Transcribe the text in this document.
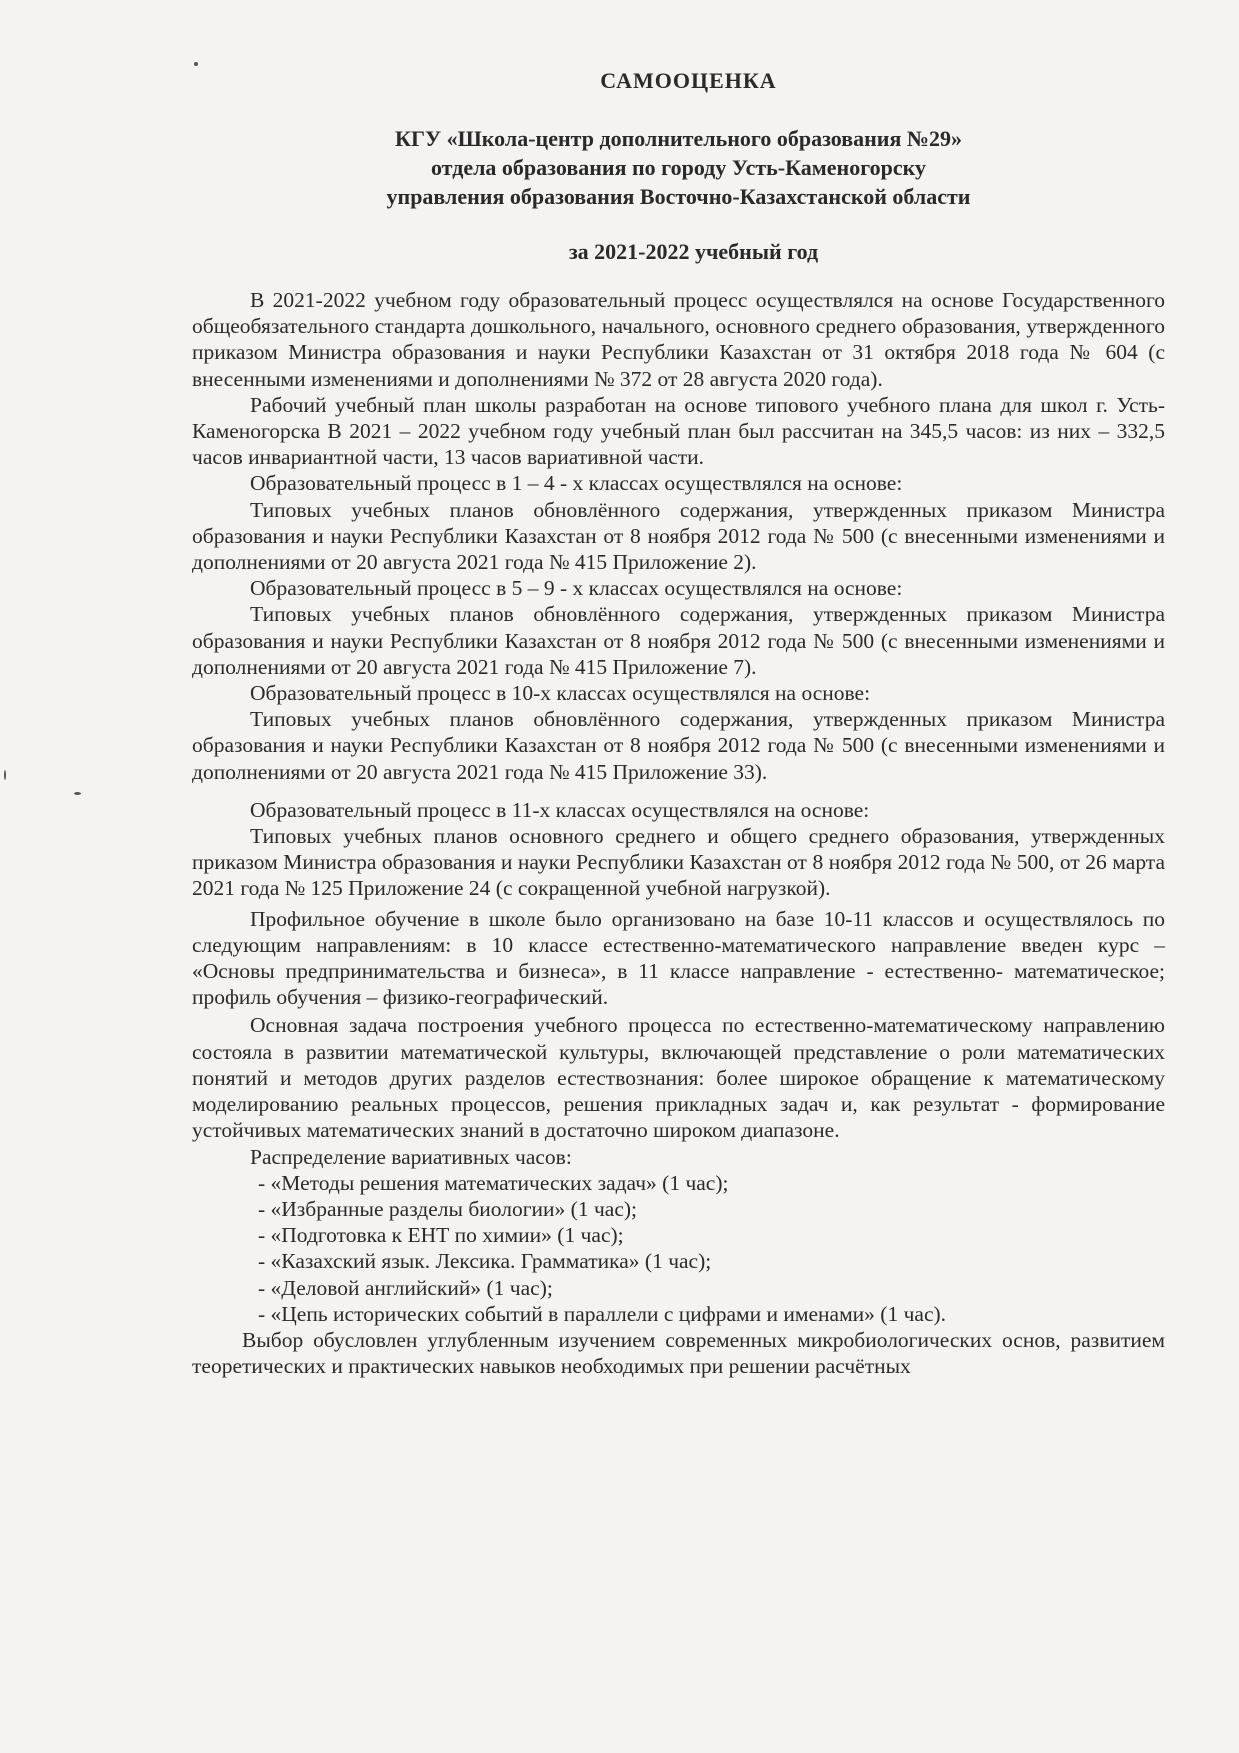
САМООЦЕНКА
КГУ «Школа-центр дополнительного образования №29»
отдела образования по городу Усть-Каменогорску
управления образования Восточно-Казахстанской области
за 2021-2022 учебный год

В 2021-2022 учебном году образовательный процесс осуществлялся на основе Государственного общеобязательного стандарта дошкольного, начального, основного среднего образования, утвержденного приказом Министра образования и науки Республики Казахстан от 31 октября 2018 года № 604 (с внесенными изменениями и дополнениями № 372 от 28 августа 2020 года).

Рабочий учебный план школы разработан на основе типового учебного плана для школ г. Усть-Каменогорска В 2021 – 2022 учебном году учебный план был рассчитан на 345,5 часов: из них – 332,5 часов инвариантной части, 13 часов вариативной части.

Образовательный процесс в 1 – 4 - х классах осуществлялся на основе:

Типовых учебных планов обновлённого содержания, утвержденных приказом Министра образования и науки Республики Казахстан от 8 ноября 2012 года № 500 (с внесенными изменениями и дополнениями от 20 августа 2021 года № 415 Приложение 2).

Образовательный процесс в 5 – 9 - х классах осуществлялся на основе:

Типовых учебных планов обновлённого содержания, утвержденных приказом Министра образования и науки Республики Казахстан от 8 ноября 2012 года № 500 (с внесенными изменениями и дополнениями от 20 августа 2021 года № 415 Приложение 7).

Образовательный процесс в 10-х классах осуществлялся на основе:

Типовых учебных планов обновлённого содержания, утвержденных приказом Министра образования и науки Республики Казахстан от 8 ноября 2012 года № 500 (с внесенными изменениями и дополнениями от 20 августа 2021 года № 415 Приложение 33).

Образовательный процесс в 11-х классах осуществлялся на основе:

Типовых учебных планов основного среднего и общего среднего образования, утвержденных приказом Министра образования и науки Республики Казахстан от 8 ноября 2012 года № 500, от 26 марта 2021 года № 125 Приложение 24 (с сокращенной учебной нагрузкой).

Профильное обучение в школе было организовано на базе 10-11 классов и осуществлялось по следующим направлениям: в 10 классе естественно-математического направление введен курс – «Основы предпринимательства и бизнеса», в 11 классе направление - естественно- математическое; профиль обучения – физико-географический.

Основная задача построения учебного процесса по естественно-математическому направлению состояла в развитии математической культуры, включающей представление о роли математических понятий и методов других разделов естествознания: более широкое обращение к математическому моделированию реальных процессов, решения прикладных задач и, как результат - формирование устойчивых математических знаний в достаточно широком диапазоне.

Распределение вариативных часов:

- «Методы решения математических задач» (1 час);
- «Избранные разделы биологии» (1 час);
- «Подготовка к ЕНТ по химии» (1 час);
- «Казахский язык. Лексика. Грамматика» (1 час);
- «Деловой английский» (1 час);
- «Цепь исторических событий в параллели с цифрами и именами» (1 час).

Выбор обусловлен углубленным изучением современных микробиологических основ, развитием теоретических и практических навыков необходимых при решении расчётных
